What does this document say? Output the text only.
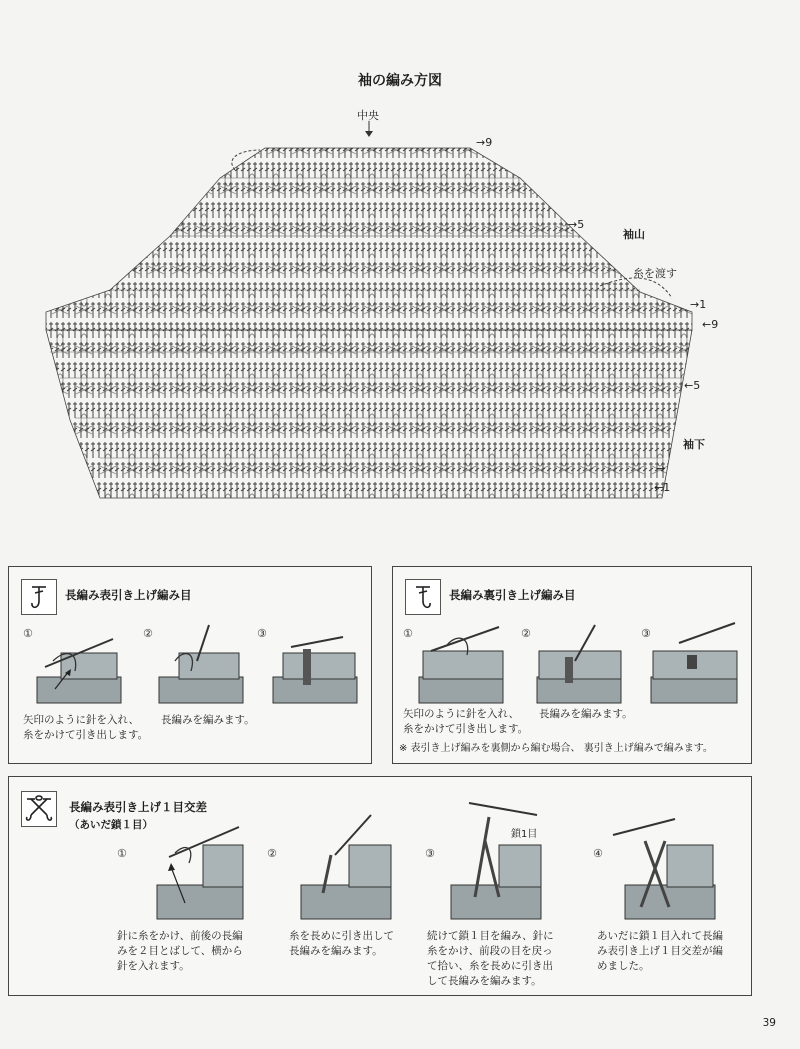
袖の編み方図
中央
→9
→5
袖山
糸を渡す
→1
←9
←5
袖下
→
←1
長編み表引き上げ編み目
①	②	③
矢印のように針を入れ、
糸をかけて引き出します。
長編みを編みます。
長編み裏引き上げ編み目
①	②	③
矢印のように針を入れ、
糸をかけて引き出します。
長編みを編みます。
※ 表引き上げ編みを裏側から編む場合、 裏引き上げ編みで編みます。
長編み表引き上げ１目交差
（あいだ鎖１目）
①	②	③
鎖1目
④
針に糸をかけ、前後の長編
みを２目とばして、横から
針を入れます。
糸を長めに引き出して
長編みを編みます。
続けて鎖１目を編み、針に
糸をかけ、前段の目を戻っ
て拾い、糸を長めに引き出
して長編みを編みます。
あいだに鎖１目入れて長編
み表引き上げ１目交差が編
めました。
39
